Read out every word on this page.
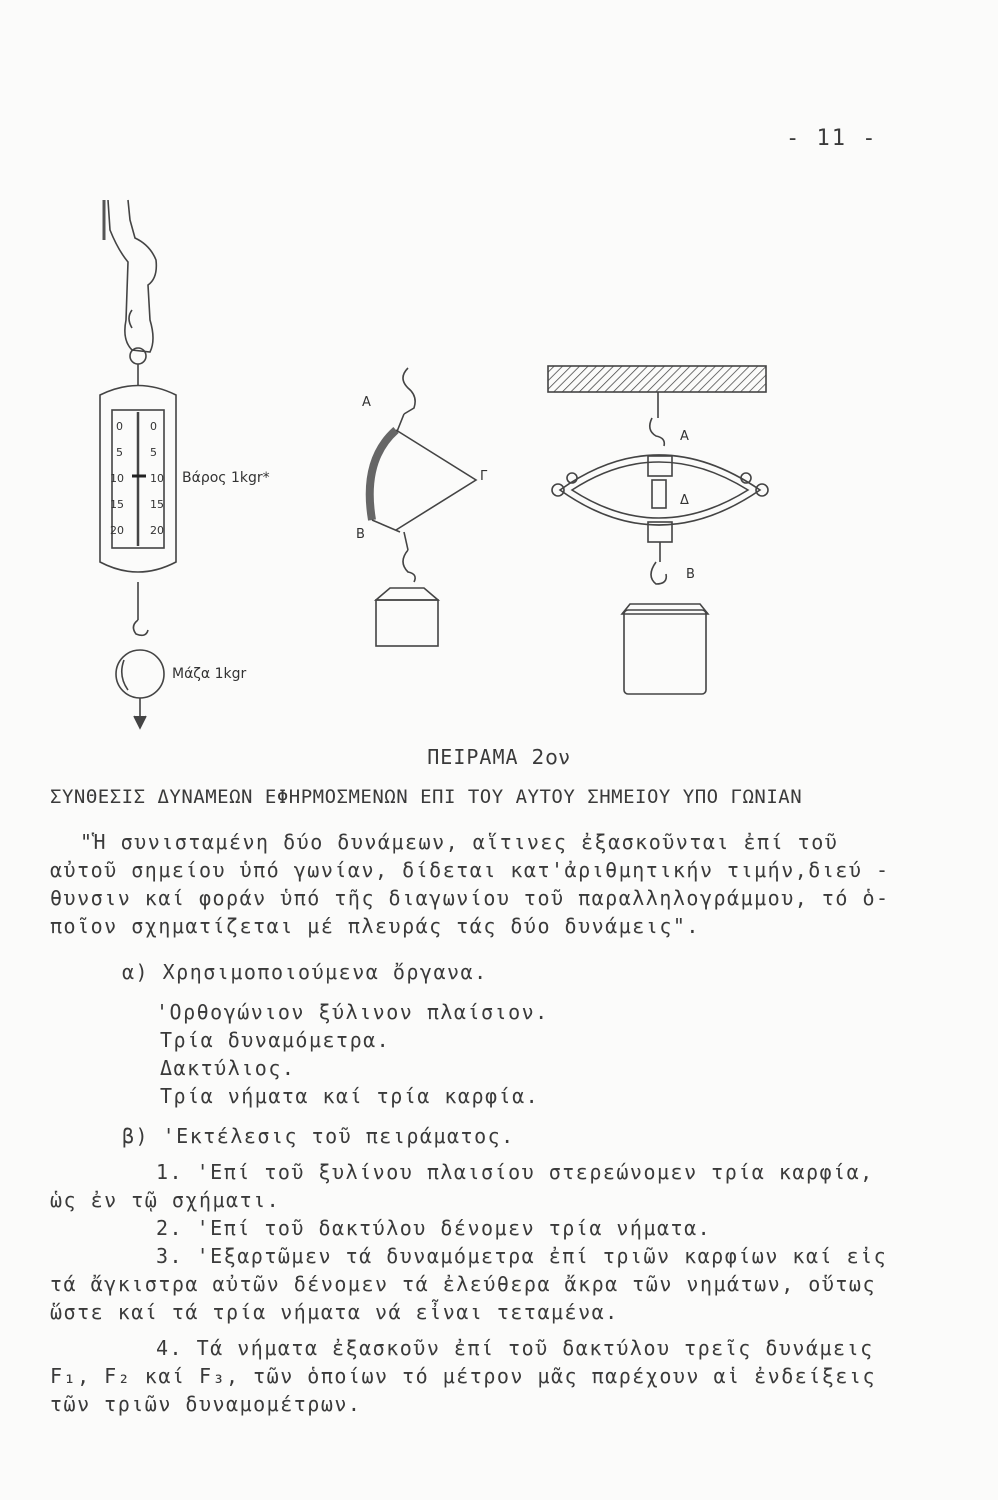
- 11 -
0
5
10
15
20
0
5
10
15
20
Βάρος 1kgr*
Μάζα 1kgr
Α
Β
Γ
Α
Δ
Β
ΠΕΙΡΑΜΑ 2ον
ΣΥΝΘΕΣΙΣ ΔΥΝΑΜΕΩΝ ΕΦΗΡΜΟΣΜΕΝΩΝ ΕΠΙ ΤΟΥ ΑΥΤΟΥ ΣΗΜΕΙΟΥ ΥΠΟ ΓΩΝΙΑΝ
"Ἡ συνισταμένη δύο δυνάμεων, αἵτινες ἐξασκοῦνται ἐπί τοῦ
αὐτοῦ σημείου ὑπό γωνίαν, δίδεται κατ'ἀριθμητικήν τιμήν,διεύ -
θυνσιν καί φοράν ὑπό τῆς διαγωνίου τοῦ παραλληλογράμμου, τό ὁ-
ποῖον σχηματίζεται μέ πλευράς τάς δύο δυνάμεις".
α) Χρησιμοποιούμενα ὄργανα.
'Ορθογώνιον ξύλινον πλαίσιον.
Τρία δυναμόμετρα.
Δακτύλιος.
Τρία νήματα καί τρία καρφία.
β) 'Εκτέλεσις τοῦ πειράματος.
1. 'Επί τοῦ ξυλίνου πλαισίου στερεώνομεν τρία καρφία,
ὡς ἐν τῷ σχήματι.
2. 'Επί τοῦ δακτύλου δένομεν τρία νήματα.
3. 'Εξαρτῶμεν τά δυναμόμετρα ἐπί τριῶν καρφίων καί εἰς
τά ἄγκιστρα αὐτῶν δένομεν τά ἐλεύθερα ἄκρα τῶν νημάτων, οὕτως
ὥστε καί τά τρία νήματα νά εἶναι τεταμένα.
4. Τά νήματα ἐξασκοῦν ἐπί τοῦ δακτύλου τρεῖς δυνάμεις
F₁, F₂ καί F₃, τῶν ὁποίων τό μέτρον μᾶς παρέχουν αἱ ἐνδείξεις
τῶν τριῶν δυναμομέτρων.
